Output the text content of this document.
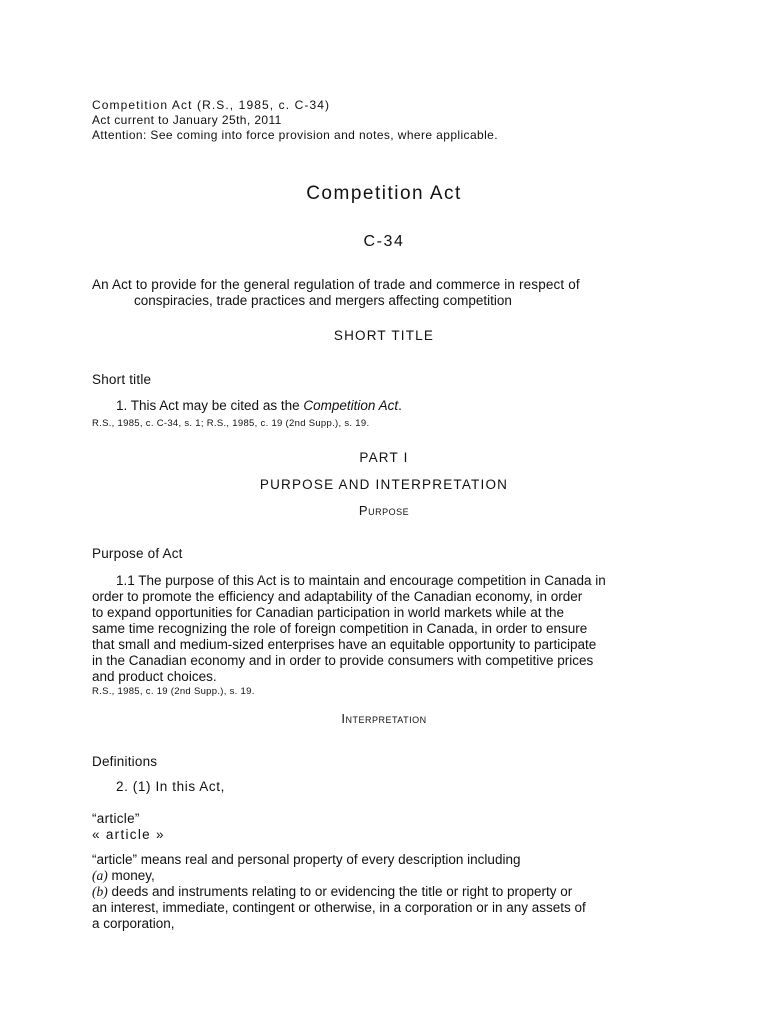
Competition Act (R.S., 1985, c. C-34)
Act current to January 25th, 2011
Attention: See coming into force provision and notes, where applicable.
Competition Act
C-34
An Act to provide for the general regulation of trade and commerce in respect of
conspiracies, trade practices and mergers affecting competition
SHORT TITLE
Short title
1. This Act may be cited as the Competition Act.
R.S., 1985, c. C-34, s. 1; R.S., 1985, c. 19 (2nd Supp.), s. 19.
PART I
PURPOSE AND INTERPRETATION
Purpose
Purpose of Act
1.1 The purpose of this Act is to maintain and encourage competition in Canada in
order to promote the efficiency and adaptability of the Canadian economy, in order
to expand opportunities for Canadian participation in world markets while at the
same time recognizing the role of foreign competition in Canada, in order to ensure
that small and medium-sized enterprises have an equitable opportunity to participate
in the Canadian economy and in order to provide consumers with competitive prices
and product choices.
R.S., 1985, c. 19 (2nd Supp.), s. 19.
Interpretation
Definitions
2. (1) In this Act,
“article”
« article »
“article” means real and personal property of every description including
(a) money,
(b) deeds and instruments relating to or evidencing the title or right to property or
an interest, immediate, contingent or otherwise, in a corporation or in any assets of
a corporation,
